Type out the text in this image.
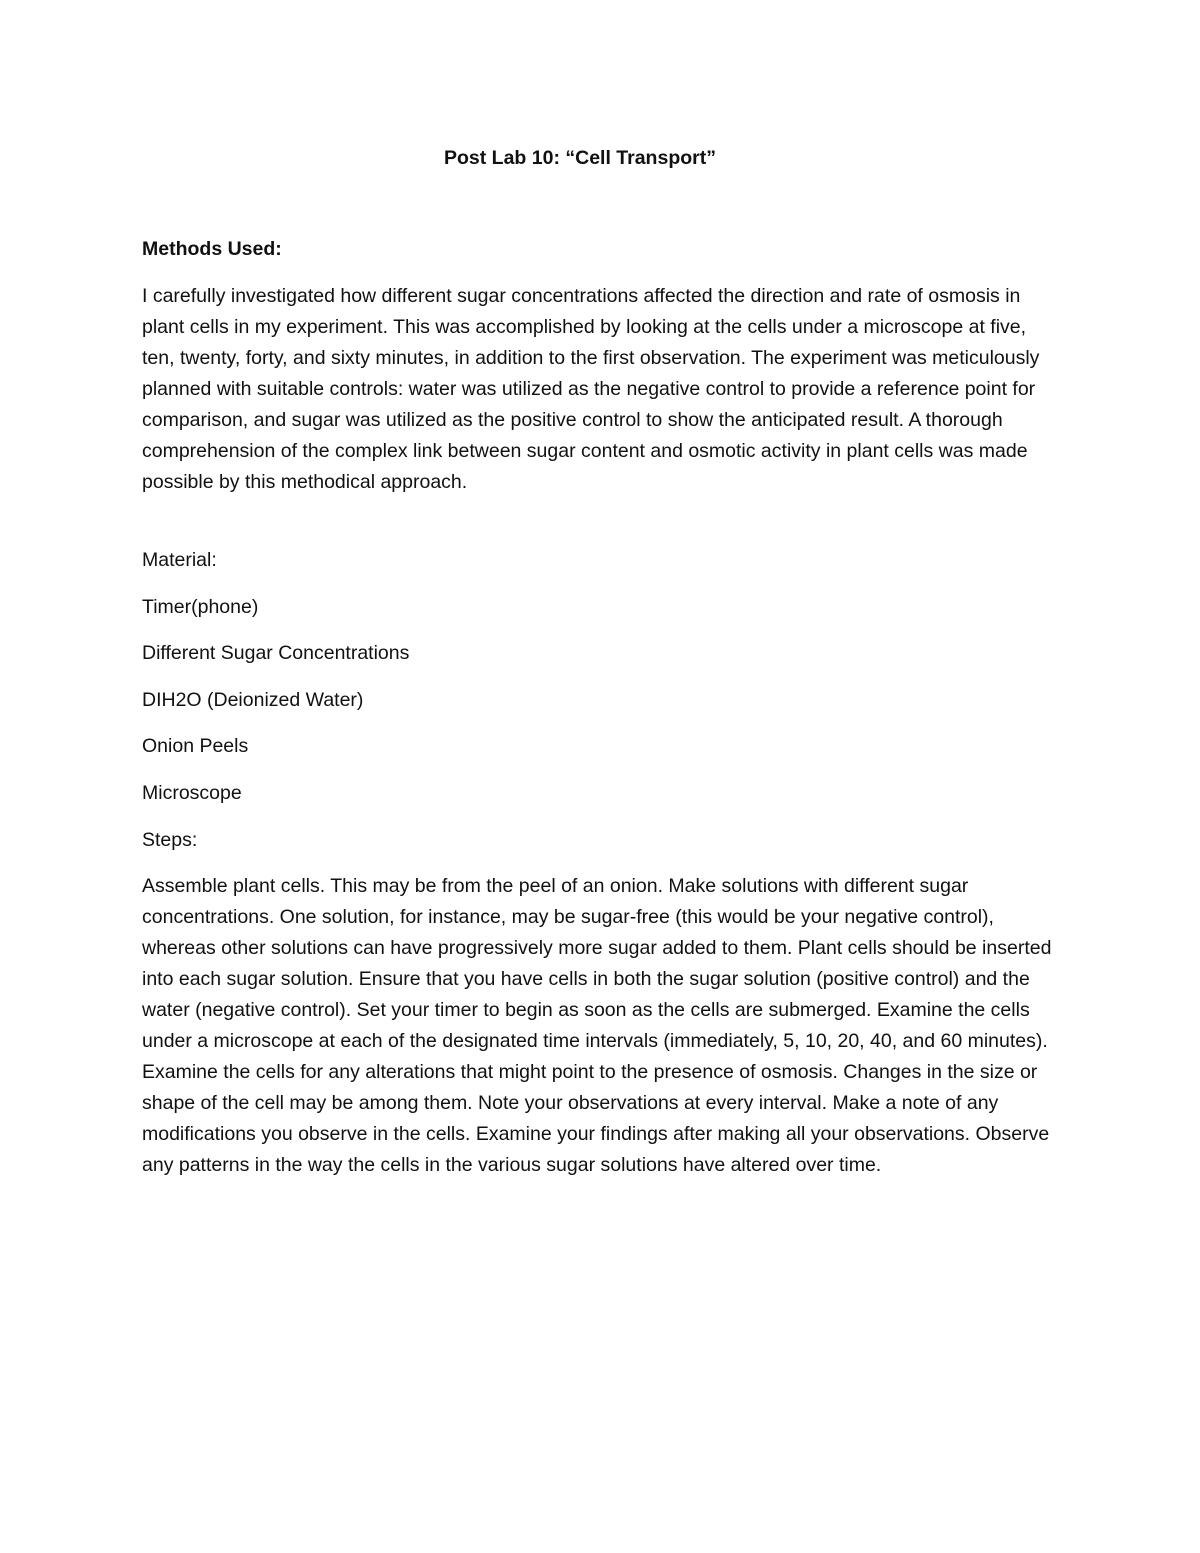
Post Lab 10: “Cell Transport”

Methods Used:

I carefully investigated how different sugar concentrations affected the direction and rate of osmosis in plant cells in my experiment. This was accomplished by looking at the cells under a microscope at five, ten, twenty, forty, and sixty minutes, in addition to the first observation. The experiment was meticulously planned with suitable controls: water was utilized as the negative control to provide a reference point for comparison, and sugar was utilized as the positive control to show the anticipated result. A thorough comprehension of the complex link between sugar content and osmotic activity in plant cells was made possible by this methodical approach.

Material:

Timer(phone)

Different Sugar Concentrations

DIH2O (Deionized Water)

Onion Peels

Microscope

Steps:

Assemble plant cells. This may be from the peel of an onion. Make solutions with different sugar concentrations. One solution, for instance, may be sugar-free (this would be your negative control), whereas other solutions can have progressively more sugar added to them. Plant cells should be inserted into each sugar solution. Ensure that you have cells in both the sugar solution (positive control) and the water (negative control). Set your timer to begin as soon as the cells are submerged. Examine the cells under a microscope at each of the designated time intervals (immediately, 5, 10, 20, 40, and 60 minutes). Examine the cells for any alterations that might point to the presence of osmosis. Changes in the size or shape of the cell may be among them. Note your observations at every interval. Make a note of any modifications you observe in the cells. Examine your findings after making all your observations. Observe any patterns in the way the cells in the various sugar solutions have altered over time.
